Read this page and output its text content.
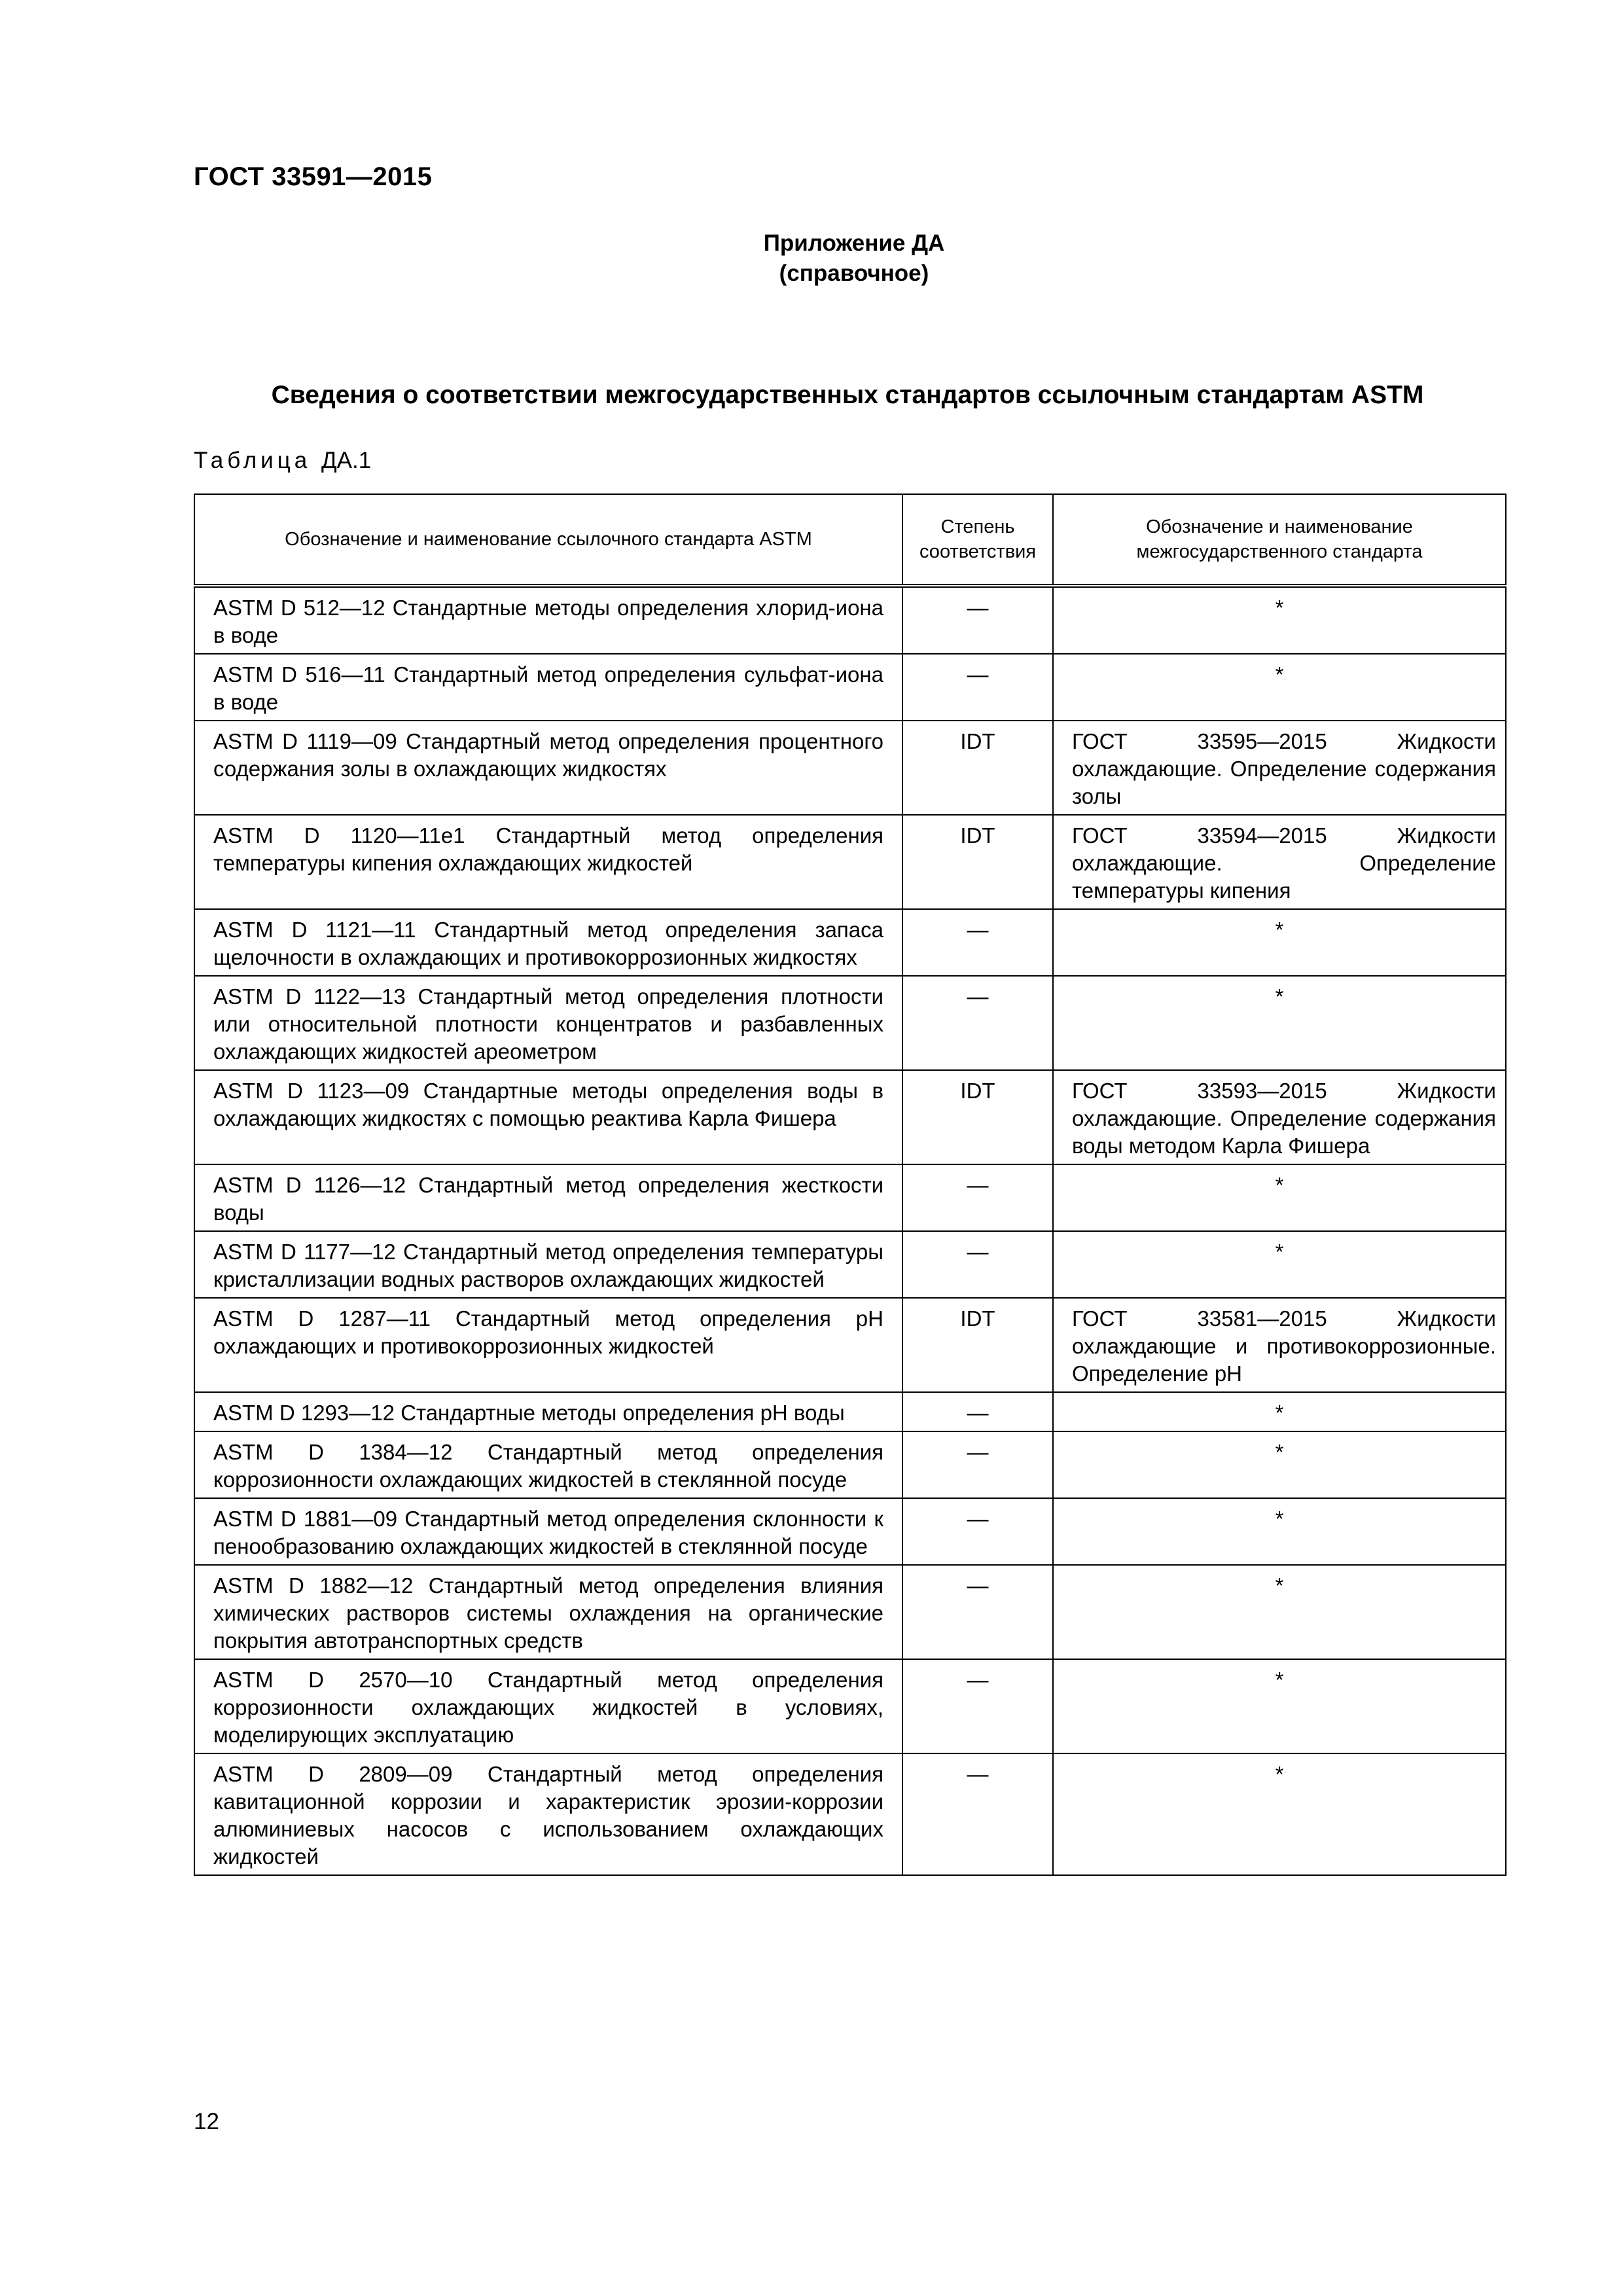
ГОСТ 33591—2015
Приложение ДА
(справочное)
Сведения о соответствии межгосударственных стандартов ссылочным стандартам ASTM
Таблица ДА.1
Обозначение и наименование ссылочного стандарта ASTM	Степень соответствия	Обозначение и наименование межгосударственного стандарта
ASTM D 512—12 Стандартные методы определения хлорид-иона в воде	—	*
ASTM D 516—11 Стандартный метод определения сульфат-иона в воде	—	*
ASTM D 1119—09 Стандартный метод определения процентного содержания золы в охлаждающих жидкостях	IDT	ГОСТ 33595—2015 Жидкости охлаждающие. Определение содержания золы
ASTM D 1120—11e1 Стандартный метод определения температуры кипения охлаждающих жидкостей	IDT	ГОСТ 33594—2015 Жидкости охлаждающие. Определение температуры кипения
ASTM D 1121—11 Стандартный метод определения запаса щелочности в охлаждающих и противокоррозионных жидкостях	—	*
ASTM D 1122—13 Стандартный метод определения плотности или относительной плотности концентратов и разбавленных охлаждающих жидкостей ареометром	—	*
ASTM D 1123—09 Стандартные методы определения воды в охлаждающих жидкостях с помощью реактива Карла Фишера	IDT	ГОСТ 33593—2015 Жидкости охлаждающие. Определение содержания воды методом Карла Фишера
ASTM D 1126—12 Стандартный метод определения жесткости воды	—	*
ASTM D 1177—12 Стандартный метод определения температуры кристаллизации водных растворов охлаждающих жидкостей	—	*
ASTM D 1287—11 Стандартный метод определения pH охлаждающих и противокоррозионных жидкостей	IDT	ГОСТ 33581—2015 Жидкости охлаждающие и противокоррозионные. Определение pH
ASTM D 1293—12 Стандартные методы определения pH воды	—	*
ASTM D 1384—12 Стандартный метод определения коррозионности охлаждающих жидкостей в стеклянной посуде	—	*
ASTM D 1881—09 Стандартный метод определения склонности к пенообразованию охлаждающих жидкостей в стеклянной посуде	—	*
ASTM D 1882—12 Стандартный метод определения влияния химических растворов системы охлаждения на органические покрытия автотранспортных средств	—	*
ASTM D 2570—10 Стандартный метод определения коррозионности охлаждающих жидкостей в условиях, моделирующих эксплуатацию	—	*
ASTM D 2809—09 Стандартный метод определения кавитационной коррозии и характеристик эрозии-коррозии алюминиевых насосов с использованием охлаждающих жидкостей	—	*
12
